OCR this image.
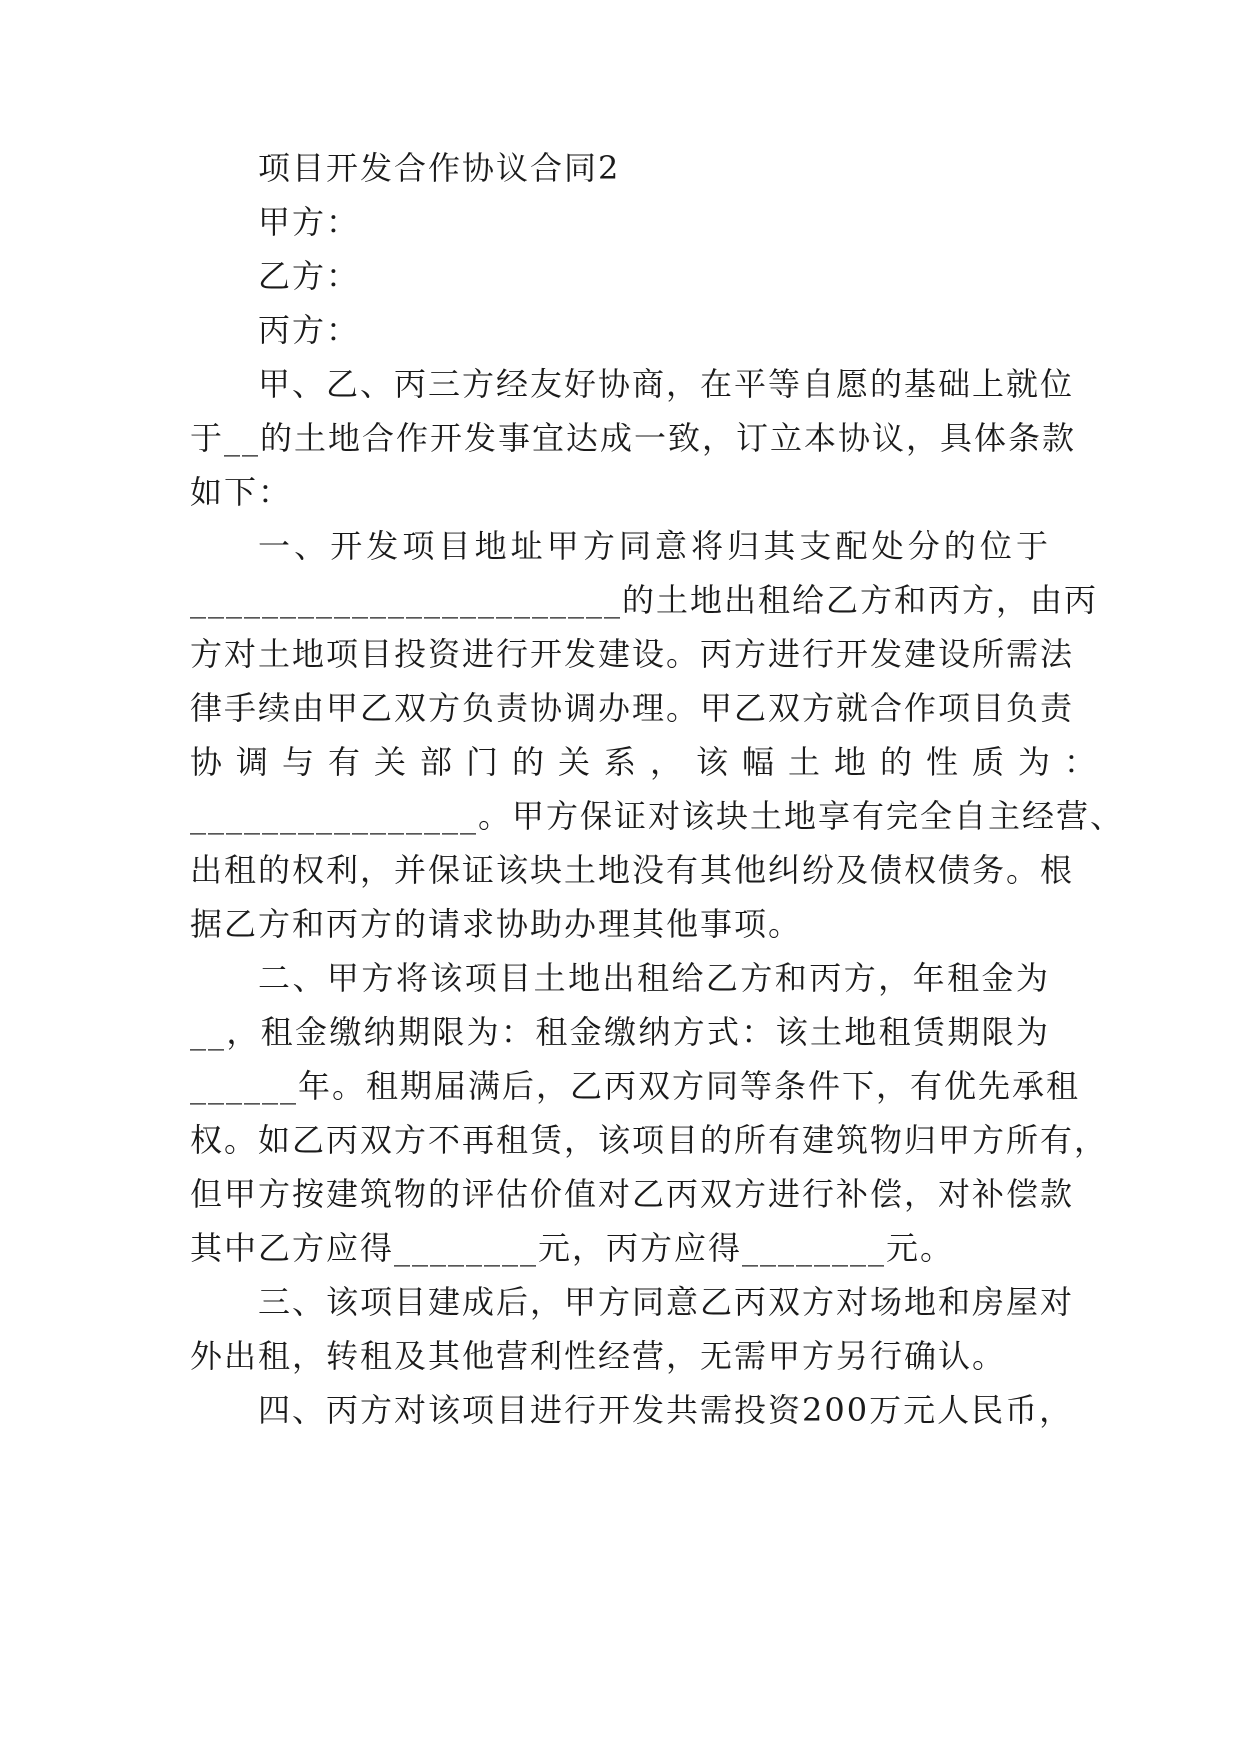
项目开发合作协议合同2
甲方：
乙方：
丙方：
甲、乙、丙三方经友好协商，在平等自愿的基础上就位
于__的土地合作开发事宜达成一致，订立本协议，具体条款
如下：
一、开发项目地址甲方同意将归其支配处分的位于
________________________的土地出租给乙方和丙方，由丙
方对土地项目投资进行开发建设。丙方进行开发建设所需法
律手续由甲乙双方负责协调办理。甲乙双方就合作项目负责
协调与有关部门的关系，该幅土地的性质为：
________________。甲方保证对该块土地享有完全自主经营、
出租的权利，并保证该块土地没有其他纠纷及债权债务。根
据乙方和丙方的请求协助办理其他事项。
二、甲方将该项目土地出租给乙方和丙方，年租金为
__，租金缴纳期限为：租金缴纳方式：该土地租赁期限为
______年。租期届满后，乙丙双方同等条件下，有优先承租
权。如乙丙双方不再租赁，该项目的所有建筑物归甲方所有，
但甲方按建筑物的评估价值对乙丙双方进行补偿，对补偿款
其中乙方应得________元，丙方应得________元。
三、该项目建成后，甲方同意乙丙双方对场地和房屋对
外出租，转租及其他营利性经营，无需甲方另行确认。
四、丙方对该项目进行开发共需投资200万元人民币，
